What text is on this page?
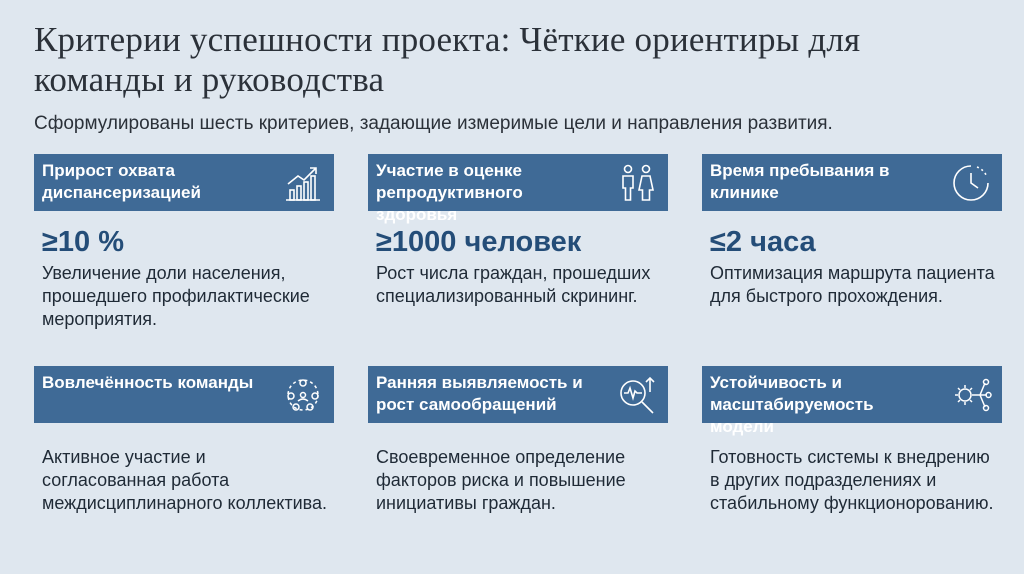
Критерии успешности проекта: Чёткие ориентиры для команды и руководства
Сформулированы шесть критериев, задающие измеримые цели и направления развития.
Прирост охвата диспансеризацией
≥10 %
Увеличение доли населения, прошедшего профилактические мероприятия.
Участие в оценке репродуктивного здоровья
≥1000 человек
Рост числа граждан, прошедших специализированный скрининг.
Время пребывания в клинике
≤2 часа
Оптимизация маршрута пациента для быстрого прохождения.
Вовлечённость команды
Активное участие и согласованная работа междисциплинарного коллектива.
Ранняя выявляемость и рост самообращений
Своевременное определение факторов риска и повышение инициативы граждан.
Устойчивость и масштабируемость модели
Готовность системы к внедрению в других подразделениях и стабильному функционорованию.
